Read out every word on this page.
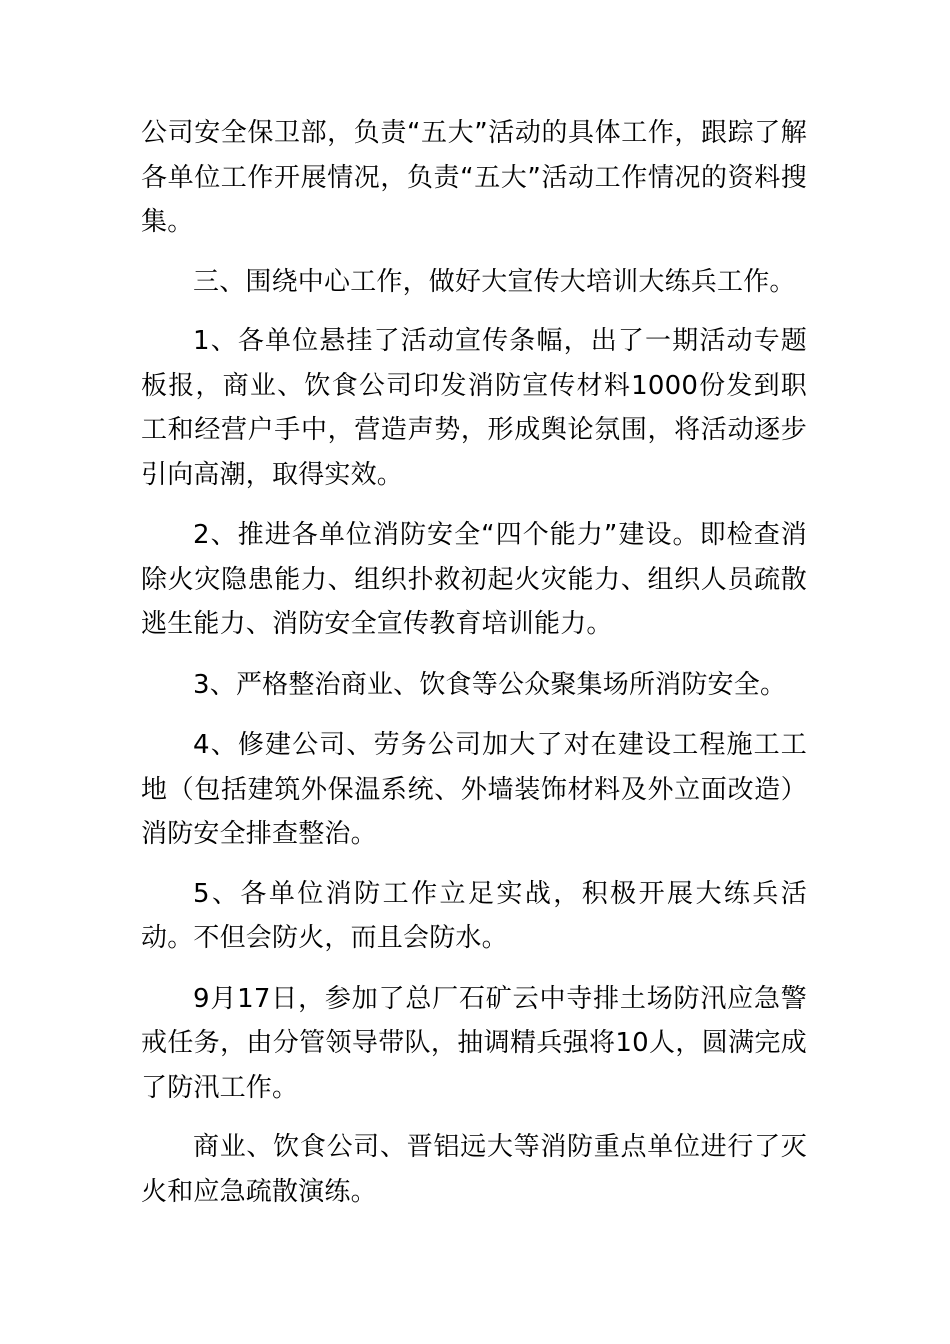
公司安全保卫部，负责“五大”活动的具体工作，跟踪了解各单位工作开展情况，负责“五大”活动工作情况的资料搜集。

三、围绕中心工作，做好大宣传大培训大练兵工作。

1、各单位悬挂了活动宣传条幅，出了一期活动专题板报，商业、饮食公司印发消防宣传材料1000份发到职工和经营户手中，营造声势，形成舆论氛围，将活动逐步引向高潮，取得实效。

2、推进各单位消防安全“四个能力”建设。即检查消除火灾隐患能力、组织扑救初起火灾能力、组织人员疏散逃生能力、消防安全宣传教育培训能力。

3、严格整治商业、饮食等公众聚集场所消防安全。

4、修建公司、劳务公司加大了对在建设工程施工工地（包括建筑外保温系统、外墙装饰材料及外立面改造）消防安全排查整治。

5、各单位消防工作立足实战，积极开展大练兵活动。不但会防火，而且会防水。

9月17日，参加了总厂石矿云中寺排土场防汛应急警戒任务，由分管领导带队，抽调精兵强将10人，圆满完成了防汛工作。

商业、饮食公司、晋铝远大等消防重点单位进行了灭火和应急疏散演练。
